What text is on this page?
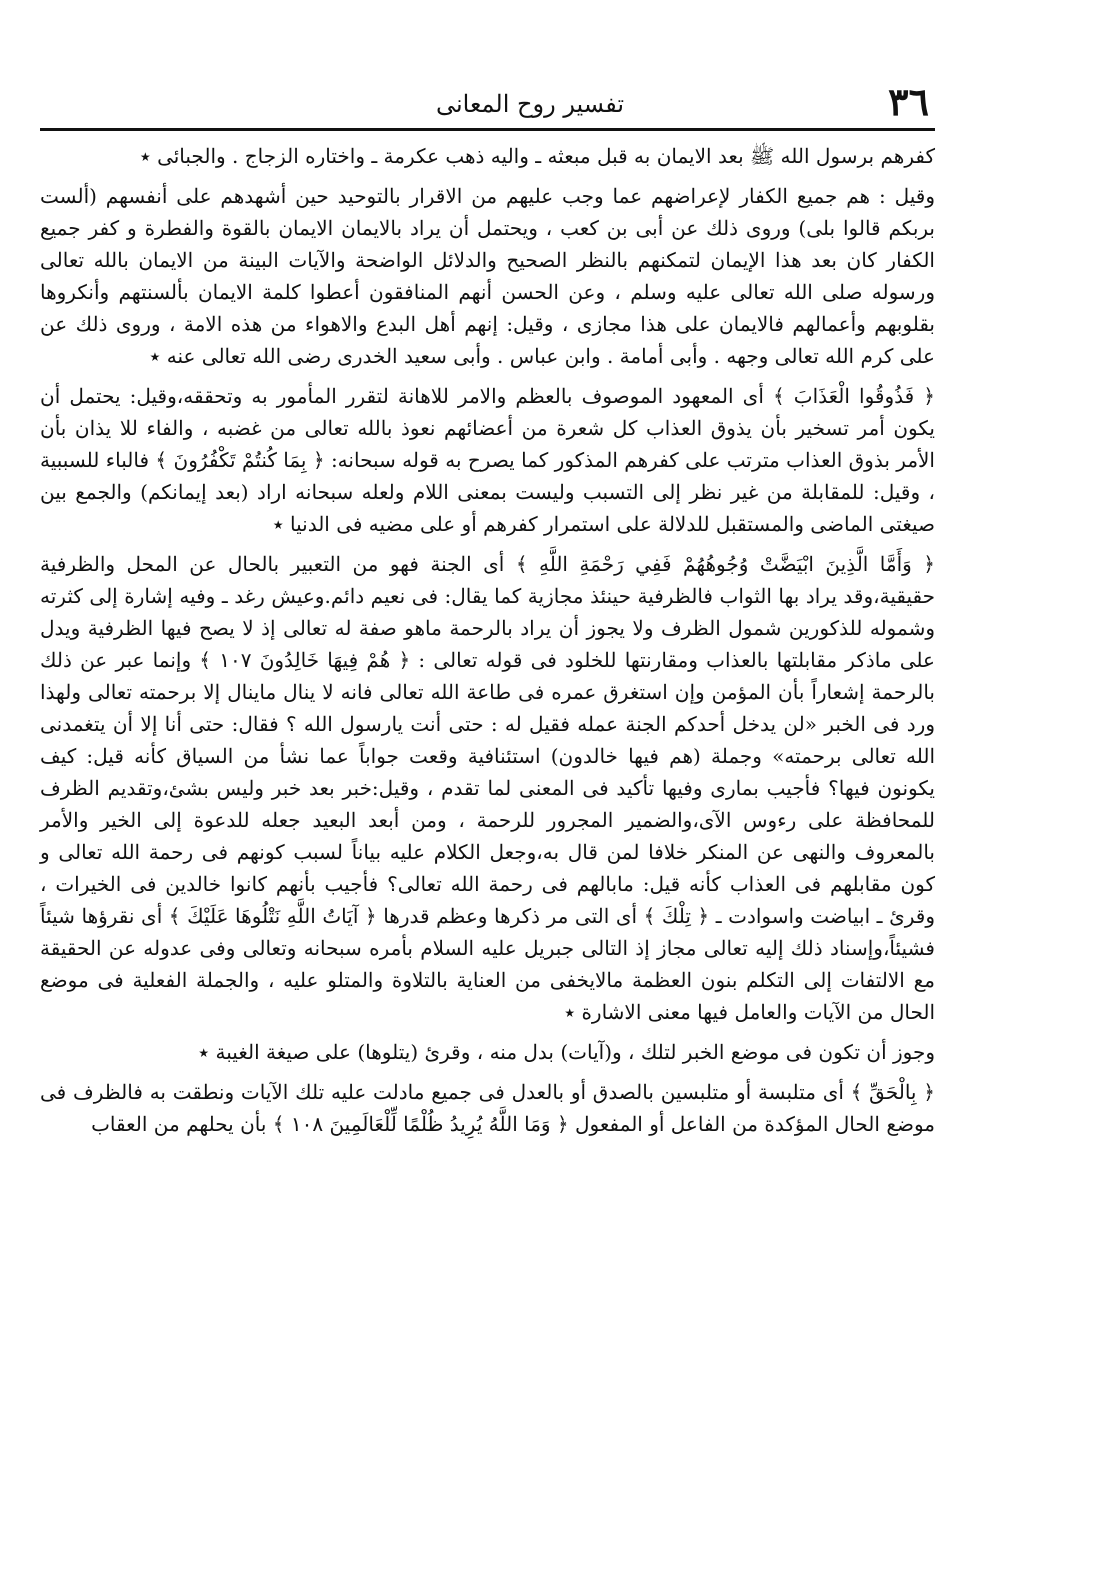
٣٦
تفسير روح المعانى

كفرهم برسول الله ﷺ بعد الايمان به قبل مبعثه ـ واليه ذهب عكرمة ـ واختاره الزجاج . والجبائى ٭

وقيل : هم جميع الكفار لإعراضهم عما وجب عليهم من الاقرار بالتوحيد حين أشهدهم على أنفسهم (ألست بربكم قالوا بلى) وروى ذلك عن أبى بن كعب ، ويحتمل أن يراد بالايمان الايمان بالقوة والفطرة و كفر جميع الكفار كان بعد هذا الإيمان لتمكنهم بالنظر الصحيح والدلائل الواضحة والآيات البينة من الايمان بالله تعالى ورسوله صلى الله تعالى عليه وسلم ، وعن الحسن أنهم المنافقون أعطوا كلمة الايمان بألسنتهم وأنكروها بقلوبهم وأعمالهم فالايمان على هذا مجازى ، وقيل: إنهم أهل البدع والاهواء من هذه الامة ، وروى ذلك عن على كرم الله تعالى وجهه . وأبى أمامة . وابن عباس . وأبى سعيد الخدرى رضى الله تعالى عنه ٭

﴿ فَذُوقُوا الْعَذَابَ ﴾ أى المعهود الموصوف بالعظم والامر للاهانة لتقرر المأمور به وتحققه،وقيل: يحتمل أن يكون أمر تسخير بأن يذوق العذاب كل شعرة من أعضائهم نعوذ بالله تعالى من غضبه ، والفاء للا يذان بأن الأمر بذوق العذاب مترتب على كفرهم المذكور كما يصرح به قوله سبحانه: ﴿ بِمَا كُنتُمْ تَكْفُرُونَ ﴾ فالباء للسببية ، وقيل: للمقابلة من غير نظر إلى التسبب وليست بمعنى اللام ولعله سبحانه اراد (بعد إيمانكم) والجمع بين صيغتى الماضى والمستقبل للدلالة على استمرار كفرهم أو على مضيه فى الدنيا ٭

﴿ وَأَمَّا الَّذِينَ ابْيَضَّتْ وُجُوهُهُمْ فَفِي رَحْمَةِ اللَّهِ ﴾ أى الجنة فهو من التعبير بالحال عن المحل والظرفية حقيقية،وقد يراد بها الثواب فالظرفية حينئذ مجازية كما يقال: فى نعيم دائم.وعيش رغد ـ وفيه إشارة إلى كثرته وشموله للذكورين شمول الظرف ولا يجوز أن يراد بالرحمة ماهو صفة له تعالى إذ لا يصح فيها الظرفية ويدل على ماذكر مقابلتها بالعذاب ومقارنتها للخلود فى قوله تعالى : ﴿ هُمْ فِيهَا خَالِدُونَ ١٠٧ ﴾ وإنما عبر عن ذلك بالرحمة إشعاراً بأن المؤمن وإن استغرق عمره فى طاعة الله تعالى فانه لا ينال ماينال إلا برحمته تعالى ولهذا ورد فى الخبر «لن يدخل أحدكم الجنة عمله فقيل له : حتى أنت يارسول الله ؟ فقال: حتى أنا إلا أن يتغمدنى الله تعالى برحمته» وجملة (هم فيها خالدون) استئنافية وقعت جواباً عما نشأ من السياق كأنه قيل: كيف يكونون فيها؟ فأجيب بمارى وفيها تأكيد فى المعنى لما تقدم ، وقيل:خبر بعد خبر وليس بشئ،وتقديم الظرف للمحافظة على رءوس الآى،والضمير المجرور للرحمة ، ومن أبعد البعيد جعله للدعوة إلى الخير والأمر بالمعروف والنهى عن المنكر خلافا لمن قال به،وجعل الكلام عليه بياناً لسبب كونهم فى رحمة الله تعالى و كون مقابلهم فى العذاب كأنه قيل: مابالهم فى رحمة الله تعالى؟ فأجيب بأنهم كانوا خالدين فى الخيرات ، وقرئ ـ ابياضت واسوادت ـ ﴿ تِلْكَ ﴾ أى التى مر ذكرها وعظم قدرها ﴿ آيَاتُ اللَّهِ نَتْلُوهَا عَلَيْكَ ﴾ أى نقرؤها شيئاً فشيئاً،وإسناد ذلك إليه تعالى مجاز إذ التالى جبريل عليه السلام بأمره سبحانه وتعالى وفى عدوله عن الحقيقة مع الالتفات إلى التكلم بنون العظمة مالايخفى من العناية بالتلاوة والمتلو عليه ، والجملة الفعلية فى موضع الحال من الآيات والعامل فيها معنى الاشارة ٭

وجوز أن تكون فى موضع الخبر لتلك ، و(آيات) بدل منه ، وقرئ (يتلوها) على صيغة الغيبة ٭

﴿ بِالْحَقِّ ﴾ أى متلبسة أو متلبسين بالصدق أو بالعدل فى جميع مادلت عليه تلك الآيات ونطقت به فالظرف فى موضع الحال المؤكدة من الفاعل أو المفعول ﴿ وَمَا اللَّهُ يُرِيدُ ظُلْمًا لِّلْعَالَمِينَ ١٠٨ ﴾ بأن يحلهم من العقاب
